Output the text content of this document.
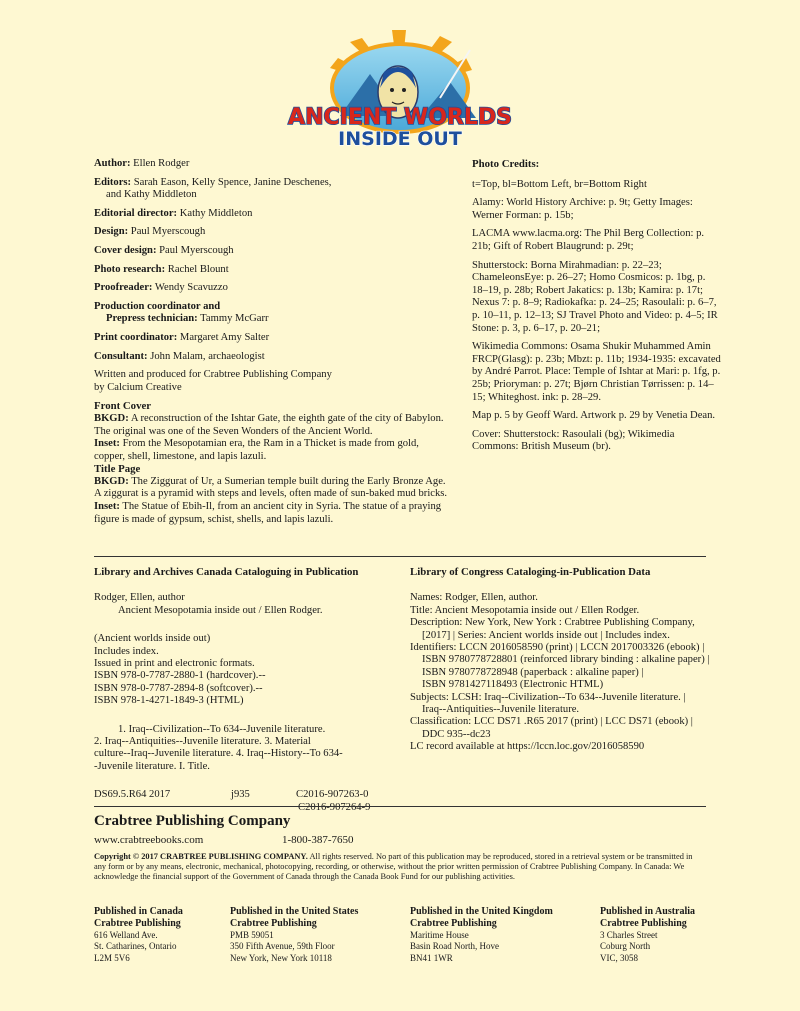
ANCIENT WORLDS
INSIDE OUT

Author: Ellen Rodger

Editors: Sarah Eason, Kelly Spence, Janine Deschenes,
and Kathy Middleton

Editorial director: Kathy Middleton

Design: Paul Myerscough

Cover design: Paul Myerscough

Photo research: Rachel Blount

Proofreader: Wendy Scavuzzo

Production coordinator and
Prepress technician: Tammy McGarr

Print coordinator: Margaret Amy Salter

Consultant: John Malam, archaeologist

Written and produced for Crabtree Publishing Company
by Calcium Creative

Front Cover
BKGD: A reconstruction of the Ishtar Gate, the eighth gate of the city of Babylon. The original was one of the Seven Wonders of the Ancient World.
Inset: From the Mesopotamian era, the Ram in a Thicket is made from gold, copper, shell, limestone, and lapis lazuli.
Title Page
BKGD: The Ziggurat of Ur, a Sumerian temple built during the Early Bronze Age. A ziggurat is a pyramid with steps and levels, often made of sun-baked mud bricks.
Inset: The Statue of Ebih-Il, from an ancient city in Syria. The statue of a praying figure is made of gypsum, schist, shells, and lapis lazuli.

Photo Credits:

t=Top, bl=Bottom Left, br=Bottom Right

Alamy: World History Archive: p. 9t; Getty Images: Werner Forman: p. 15b;

LACMA www.lacma.org: The Phil Berg Collection: p. 21b; Gift of Robert Blaugrund: p. 29t;

Shutterstock: Borna Mirahmadian: p. 22–23; ChameleonsEye: p. 26–27; Homo Cosmicos: p. 1bg, p. 18–19, p. 28b; Robert Jakatics: p. 13b; Kamira: p. 17t; Nexus 7: p. 8–9; Radiokafka: p. 24–25; Rasoulali: p. 6–7, p. 10–11, p. 12–13; SJ Travel Photo and Video: p. 4–5; IR Stone: p. 3, p. 6–17, p. 20–21;

Wikimedia Commons: Osama Shukir Muhammed Amin FRCP(Glasg): p. 23b; Mbzt: p. 11b; 1934-1935: excavated by André Parrot. Place: Temple of Ishtar at Mari: p. 1fg, p. 25b; Prioryman: p. 27t; Bjørn Christian Tørrissen: p. 14–15; Whiteghost. ink: p. 28–29.

Map p. 5 by Geoff Ward. Artwork p. 29 by Venetia Dean.

Cover: Shutterstock: Rasoulali (bg); Wikimedia Commons: British Museum (br).

Library and Archives Canada Cataloguing in Publication
Rodger, Ellen, author
Ancient Mesopotamia inside out / Ellen Rodger.
(Ancient worlds inside out)
Includes index.
Issued in print and electronic formats.
ISBN 978-0-7787-2880-1 (hardcover).--
ISBN 978-0-7787-2894-8 (softcover).--
ISBN 978-1-4271-1849-3 (HTML)
1. Iraq--Civilization--To 634--Juvenile literature.
2. Iraq--Antiquities--Juvenile literature. 3. Material culture--Iraq--Juvenile literature. 4. Iraq--History--To 634--Juvenile literature. I. Title.
DS69.5.R64 2017	j935	C2016-907263-0
C2016-907264-9
Library of Congress Cataloging-in-Publication Data
Names: Rodger, Ellen, author.
Title: Ancient Mesopotamia inside out / Ellen Rodger.
Description: New York, New York : Crabtree Publishing Company,
[2017] | Series: Ancient worlds inside out | Includes index.
Identifiers: LCCN 2016058590 (print) | LCCN 2017003326 (ebook) |
ISBN 9780778728801 (reinforced library binding : alkaline paper) |
ISBN 9780778728948 (paperback : alkaline paper) |
ISBN 9781427118493 (Electronic HTML)
Subjects: LCSH: Iraq--Civilization--To 634--Juvenile literature. |
Iraq--Antiquities--Juvenile literature.
Classification: LCC DS71 .R65 2017 (print) | LCC DS71 (ebook) |
DDC 935--dc23
LC record available at https://lccn.loc.gov/2016058590
Crabtree Publishing Company
www.crabtreebooks.com	1-800-387-7650
Copyright © 2017 CRABTREE PUBLISHING COMPANY. All rights reserved. No part of this publication may be reproduced, stored in a retrieval system or be transmitted in any form or by any means, electronic, mechanical, photocopying, recording, or otherwise, without the prior written permission of Crabtree Publishing Company. In Canada: We acknowledge the financial support of the Government of Canada through the Canada Book Fund for our publishing activities.
Published in Canada
Crabtree Publishing
616 Welland Ave.
St. Catharines, Ontario
L2M 5V6
Published in the United States
Crabtree Publishing
PMB 59051
350 Fifth Avenue, 59th Floor
New York, New York 10118
Published in the United Kingdom
Crabtree Publishing
Maritime House
Basin Road North, Hove
BN41 1WR
Published in Australia
Crabtree Publishing
3 Charles Street
Coburg North
VIC, 3058
